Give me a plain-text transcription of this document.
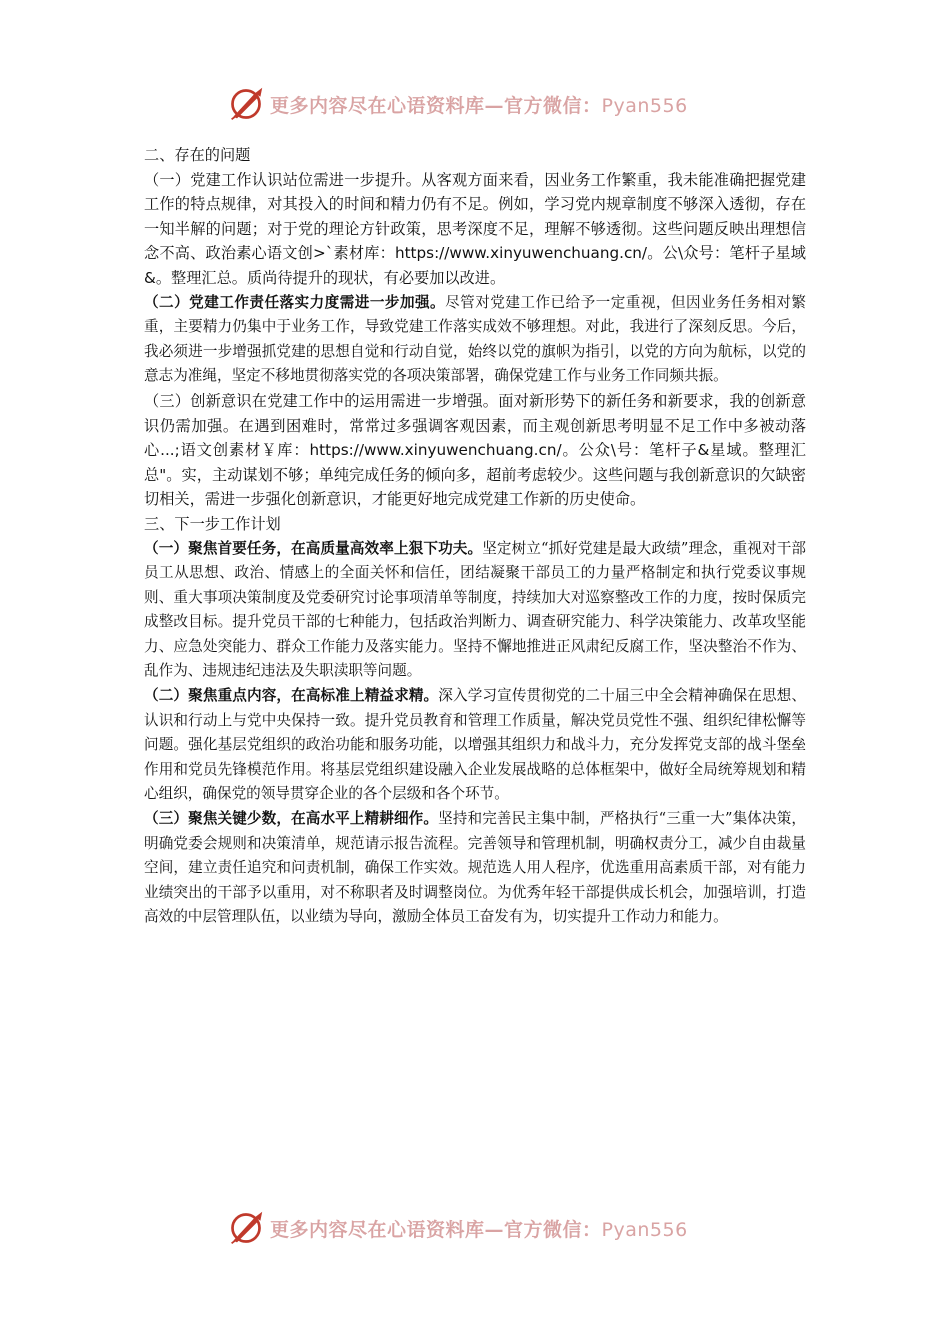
更多内容尽在心语资料库—官方微信：Pyan556

二、存在的问题

（一）党建工作认识站位需进一步提升。从客观方面来看，因业务工作繁重，我未能准确把握党建工作的特点规律，对其投入的时间和精力仍有不足。例如，学习党内规章制度不够深入透彻，存在一知半解的问题；对于党的理论方针政策，思考深度不足，理解不够透彻。这些问题反映出理想信念不高、政治素心语文创>`素材库：https://www.xinyuwenchuang.cn/。公\众号：笔杆子星域&。整理汇总。质尚待提升的现状，有必要加以改进。

（二）党建工作责任落实力度需进一步加强。尽管对党建工作已给予一定重视，但因业务任务相对繁重，主要精力仍集中于业务工作，导致党建工作落实成效不够理想。对此，我进行了深刻反思。今后，我必须进一步增强抓党建的思想自觉和行动自觉，始终以党的旗帜为指引，以党的方向为航标，以党的意志为准绳，坚定不移地贯彻落实党的各项决策部署，确保党建工作与业务工作同频共振。

（三）创新意识在党建工作中的运用需进一步增强。面对新形势下的新任务和新要求，我的创新意识仍需加强。在遇到困难时，常常过多强调客观因素，而主观创新思考明显不足工作中多被动落心...;语文创素材￥库：https://www.xinyuwenchuang.cn/。公众\号：笔杆子&星域。整理汇总"。实，主动谋划不够；单纯完成任务的倾向多，超前考虑较少。这些问题与我创新意识的欠缺密切相关，需进一步强化创新意识，才能更好地完成党建工作新的历史使命。

三、下一步工作计划

（一）聚焦首要任务，在高质量高效率上狠下功夫。坚定树立“抓好党建是最大政绩”理念，重视对干部员工从思想、政治、情感上的全面关怀和信任，团结凝聚干部员工的力量严格制定和执行党委议事规则、重大事项决策制度及党委研究讨论事项清单等制度，持续加大对巡察整改工作的力度，按时保质完成整改目标。提升党员干部的七种能力，包括政治判断力、调查研究能力、科学决策能力、改革攻坚能力、应急处突能力、群众工作能力及落实能力。坚持不懈地推进正风肃纪反腐工作，坚决整治不作为、乱作为、违规违纪违法及失职渎职等问题。

（二）聚焦重点内容，在高标准上精益求精。深入学习宣传贯彻党的二十届三中全会精神确保在思想、认识和行动上与党中央保持一致。提升党员教育和管理工作质量，解决党员党性不强、组织纪律松懈等问题。强化基层党组织的政治功能和服务功能，以增强其组织力和战斗力，充分发挥党支部的战斗堡垒作用和党员先锋模范作用。将基层党组织建设融入企业发展战略的总体框架中，做好全局统筹规划和精心组织，确保党的领导贯穿企业的各个层级和各个环节。

（三）聚焦关键少数，在高水平上精耕细作。坚持和完善民主集中制，严格执行“三重一大”集体决策，明确党委会规则和决策清单，规范请示报告流程。完善领导和管理机制，明确权责分工，减少自由裁量空间，建立责任追究和问责机制，确保工作实效。规范选人用人程序，优选重用高素质干部，对有能力业绩突出的干部予以重用，对不称职者及时调整岗位。为优秀年轻干部提供成长机会，加强培训，打造高效的中层管理队伍，以业绩为导向，激励全体员工奋发有为，切实提升工作动力和能力。

更多内容尽在心语资料库—官方微信：Pyan556
